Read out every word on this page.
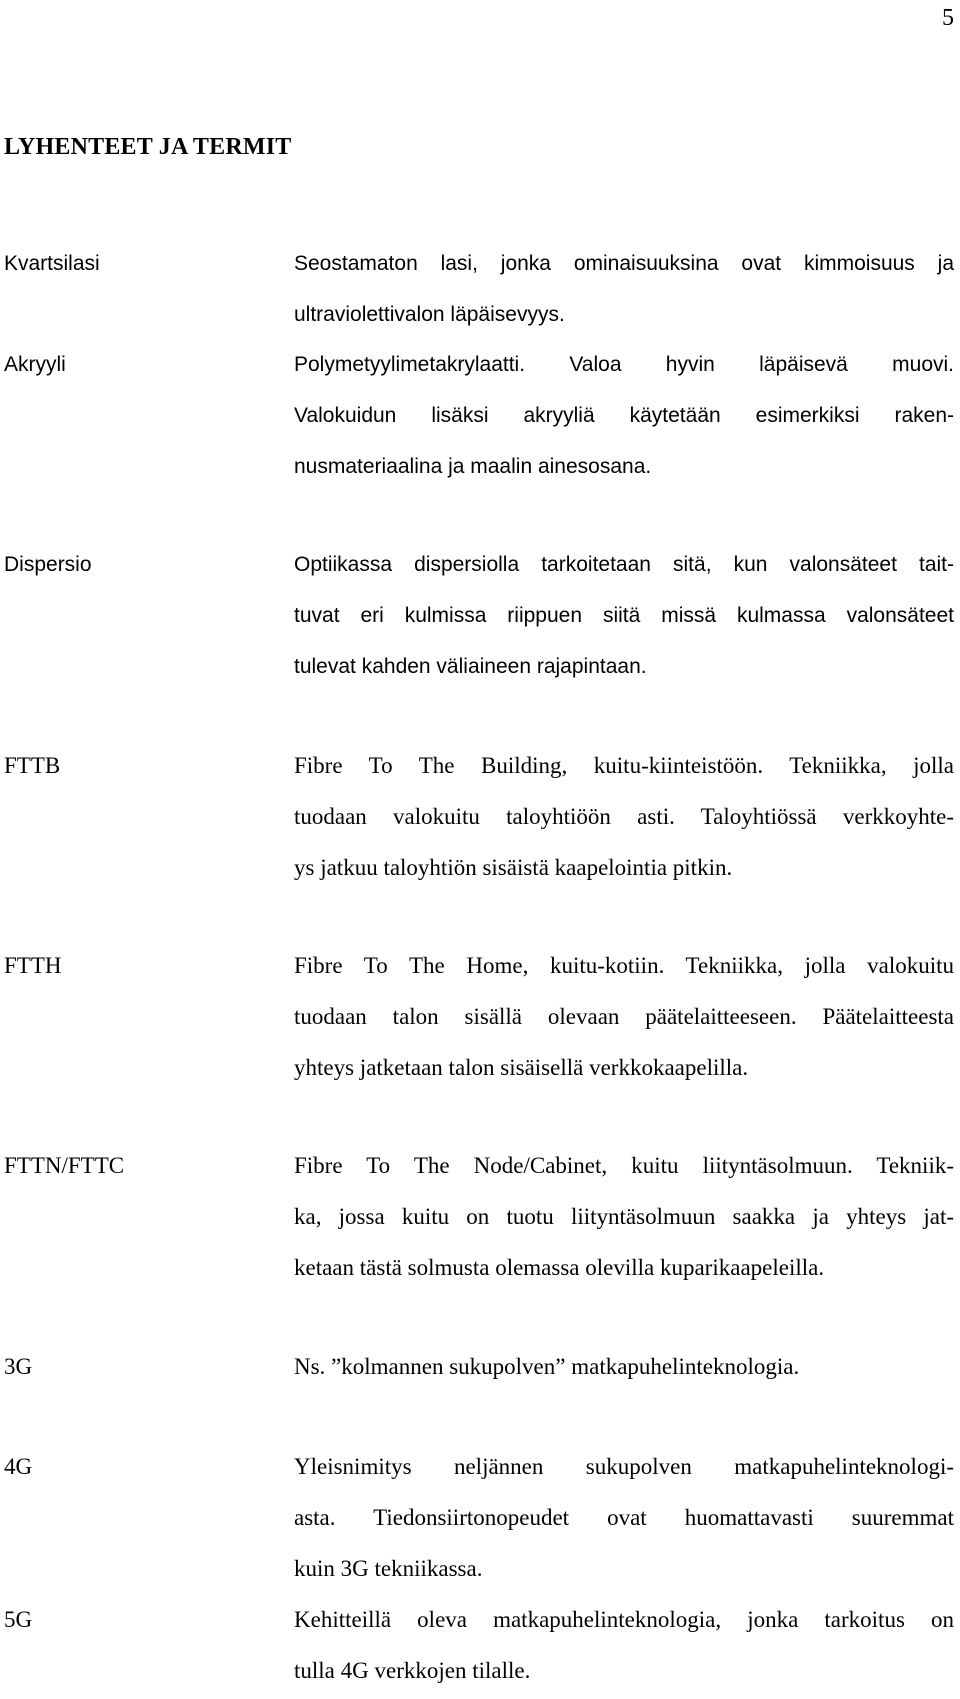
5
LYHENTEET JA TERMIT
Kvartsilasi	Seostamaton lasi, jonka ominaisuuksina ovat kimmoisuus ja
ultraviolettivalon läpäisevyys.
Akryyli	Polymetyylimetakrylaatti. Valoa hyvin läpäisevä muovi.
Valokuidun lisäksi akryyliä käytetään esimerkiksi raken-
nusmateriaalina ja maalin ainesosana.
Dispersio	Optiikassa dispersiolla tarkoitetaan sitä, kun valonsäteet tait-
tuvat eri kulmissa riippuen siitä missä kulmassa valonsäteet
tulevat kahden väliaineen rajapintaan.
FTTB	Fibre To The Building, kuitu-kiinteistöön. Tekniikka, jolla
tuodaan valokuitu taloyhtiöön asti. Taloyhtiössä verkkoyhte-
ys jatkuu taloyhtiön sisäistä kaapelointia pitkin.
FTTH	Fibre To The Home, kuitu-kotiin. Tekniikka, jolla valokuitu
tuodaan talon sisällä olevaan päätelaitteeseen. Päätelaitteesta
yhteys jatketaan talon sisäisellä verkkokaapelilla.
FTTN/FTTC	Fibre To The Node/Cabinet, kuitu liityntäsolmuun. Tekniik-
ka, jossa kuitu on tuotu liityntäsolmuun saakka ja yhteys jat-
ketaan tästä solmusta olemassa olevilla kuparikaapeleilla.
3G	Ns. ”kolmannen sukupolven” matkapuhelinteknologia.
4G	Yleisnimitys neljännen sukupolven matkapuhelinteknologi-
asta. Tiedonsiirtonopeudet ovat huomattavasti suuremmat
kuin 3G tekniikassa.
5G	Kehitteillä oleva matkapuhelinteknologia, jonka tarkoitus on
tulla 4G verkkojen tilalle.
